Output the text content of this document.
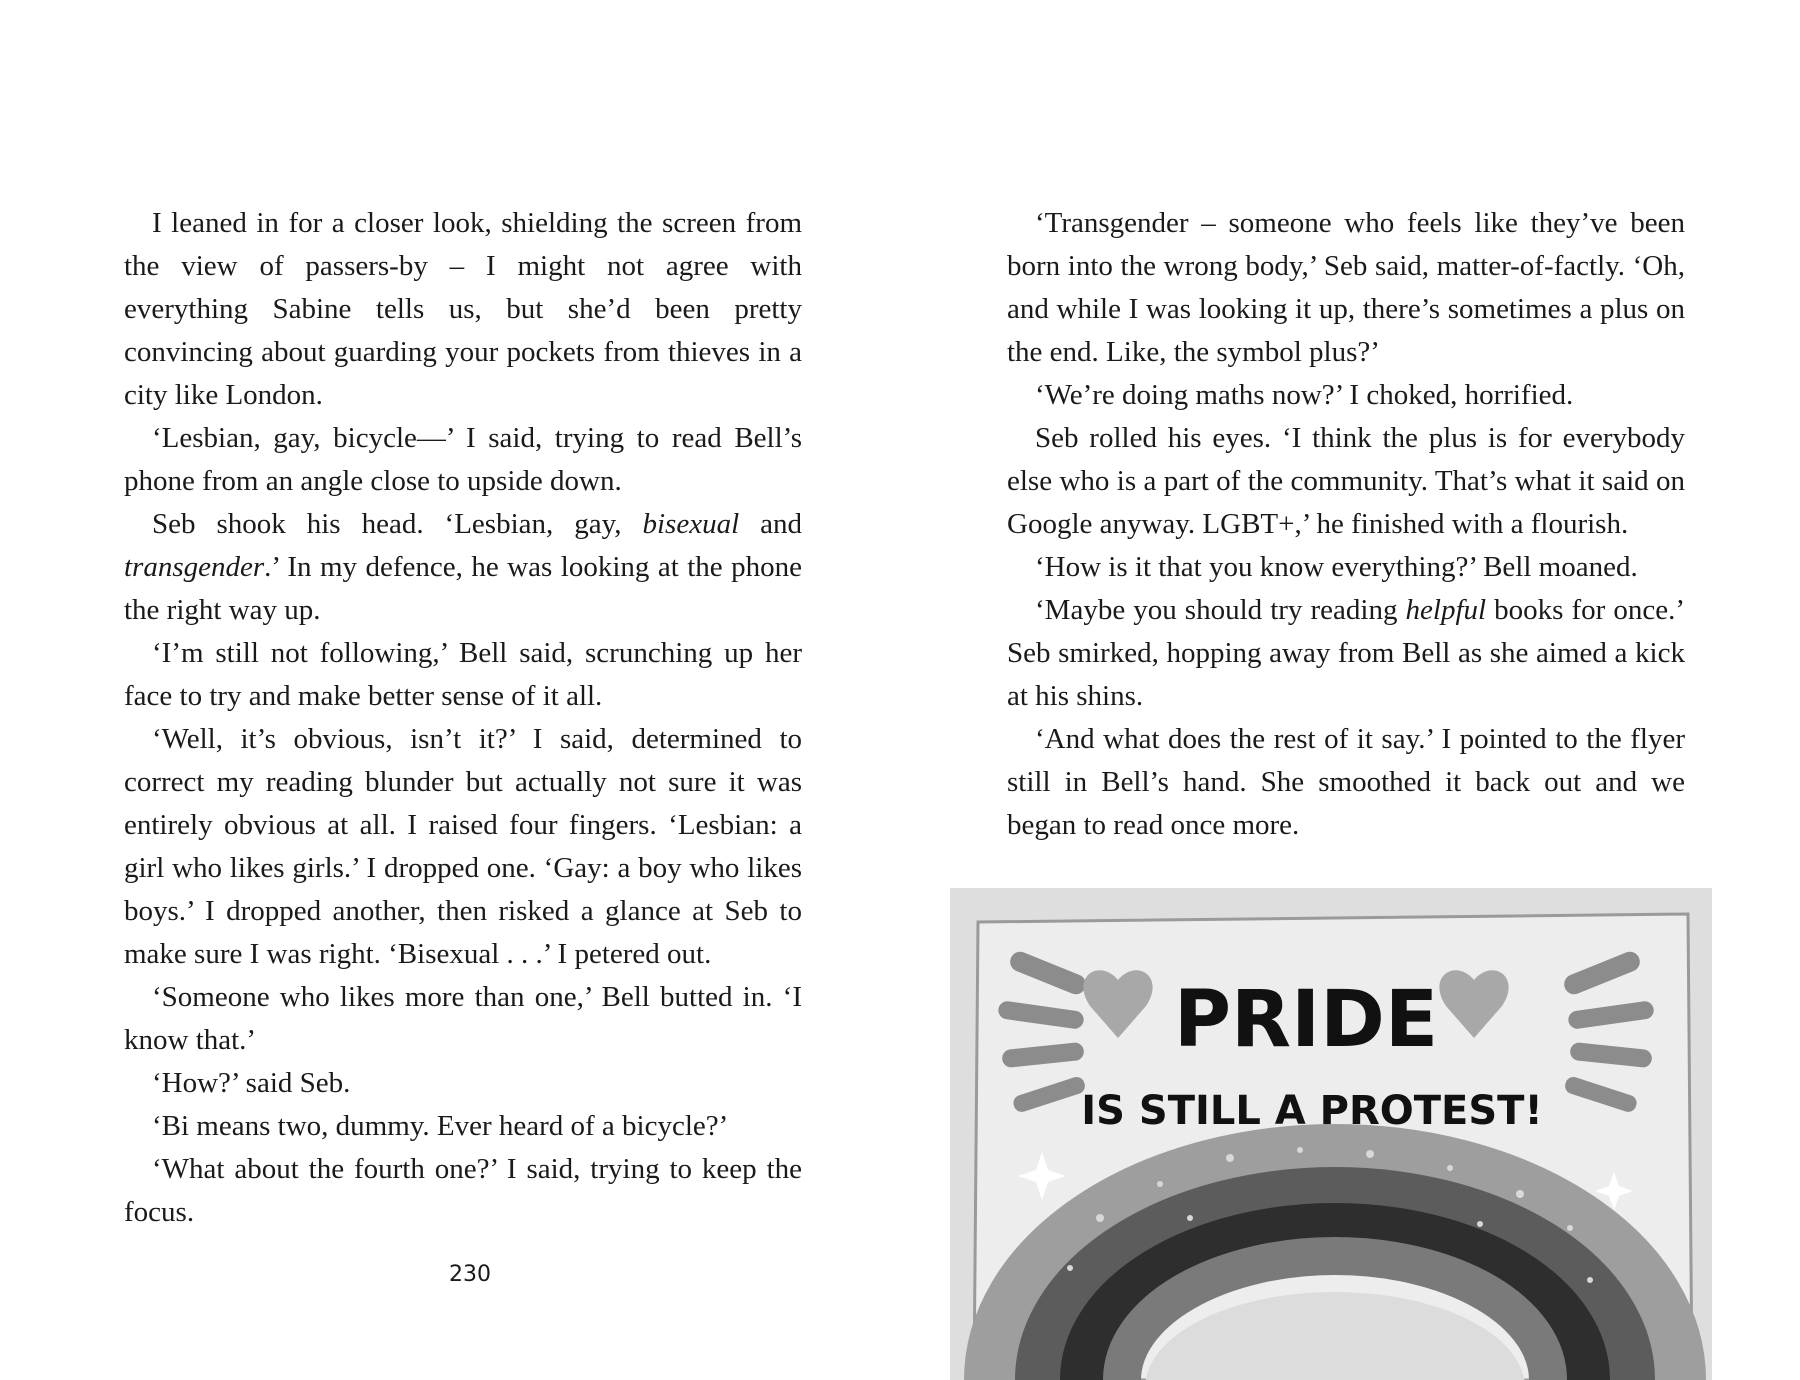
I leaned in for a closer look, shielding the screen from the view of passers-by – I might not agree with everything Sabine tells us, but she’d been pretty convincing about guarding your pockets from thieves in a city like London.

‘Lesbian, gay, bicycle—’ I said, trying to read Bell’s phone from an angle close to upside down.

Seb shook his head. ‘Lesbian, gay, bisexual and transgender.’ In my defence, he was looking at the phone the right way up.

‘I’m still not following,’ Bell said, scrunching up her face to try and make better sense of it all.

‘Well, it’s obvious, isn’t it?’ I said, determined to correct my reading blunder but actually not sure it was entirely obvious at all. I raised four fingers. ‘Lesbian: a girl who likes girls.’ I dropped one. ‘Gay: a boy who likes boys.’ I dropped another, then risked a glance at Seb to make sure I was right. ‘Bisexual . . .’ I petered out.

‘Someone who likes more than one,’ Bell butted in. ‘I know that.’

‘How?’ said Seb.

‘Bi means two, dummy. Ever heard of a bicycle?’

‘What about the fourth one?’ I said, trying to keep the focus.

230

‘Transgender – someone who feels like they’ve been born into the wrong body,’ Seb said, matter-of-factly. ‘Oh, and while I was looking it up, there’s sometimes a plus on the end. Like, the symbol plus?’

‘We’re doing maths now?’ I choked, horrified.

Seb rolled his eyes. ‘I think the plus is for everybody else who is a part of the community. That’s what it said on Google anyway. LGBT+,’ he finished with a flourish.

‘How is it that you know everything?’ Bell moaned.

‘Maybe you should try reading helpful books for once.’ Seb smirked, hopping away from Bell as she aimed a kick at his shins.

‘And what does the rest of it say.’ I pointed to the flyer still in Bell’s hand. She smoothed it back out and we began to read once more.

PRIDE
IS STILL A PROTEST!
